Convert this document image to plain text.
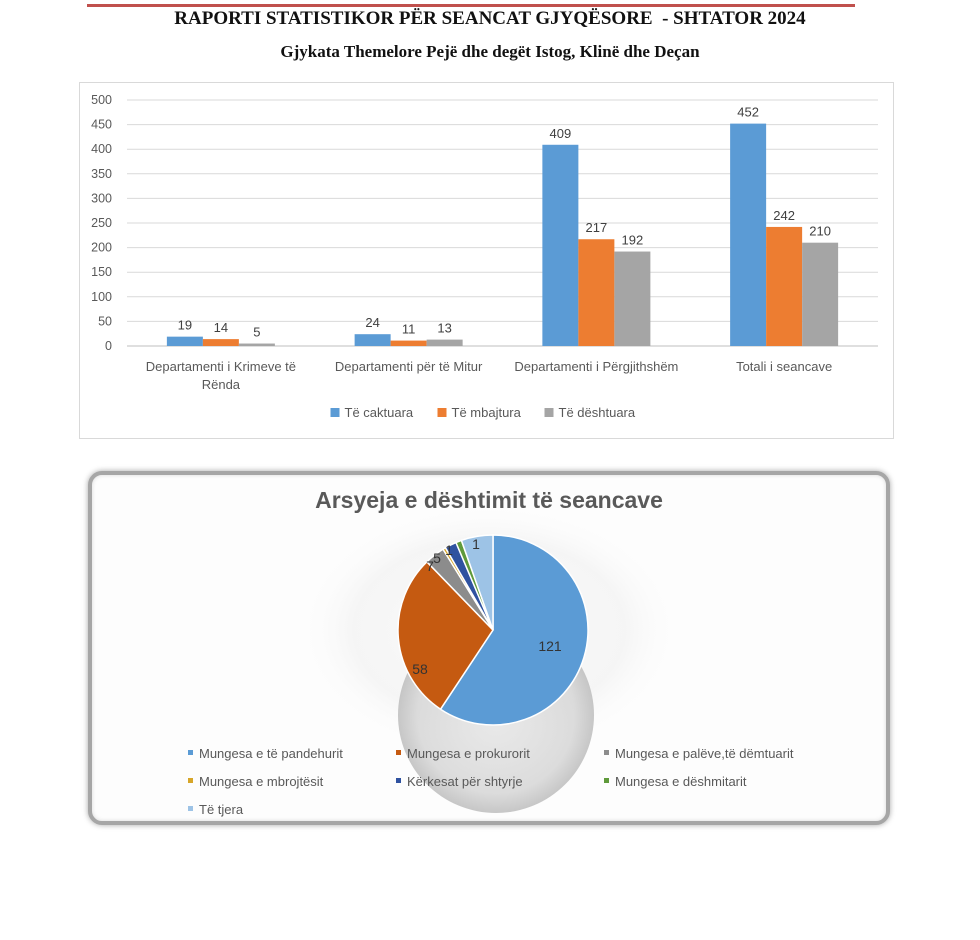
RAPORTI STATISTIKOR PËR SEANCAT GJYQËSORE  - SHTATOR 2024
Gjykata Themelore Pejë dhe degët Istog, Klinë dhe Deçan
0
50
100
150
200
250
300
350
400
450
500
19 14 5
Departamenti i Krimeve të
Rënda
24 11 13
Departamenti për të Mitur
409
217
192
Departamenti i Përgjithshëm
452
242
210
Totali i seancave
Të caktuara	Të mbajtura	Të dështuara
Arsyeja e dështimit të seancave
121
58
7 5 1 1
Mungesa e të pandehurit	Mungesa e prokurorit	Mungesa e palëve,të dëmtuarit
Mungesa e mbrojtësit	Kërkesat për shtyrje	Mungesa e dëshmitarit
Të tjera
